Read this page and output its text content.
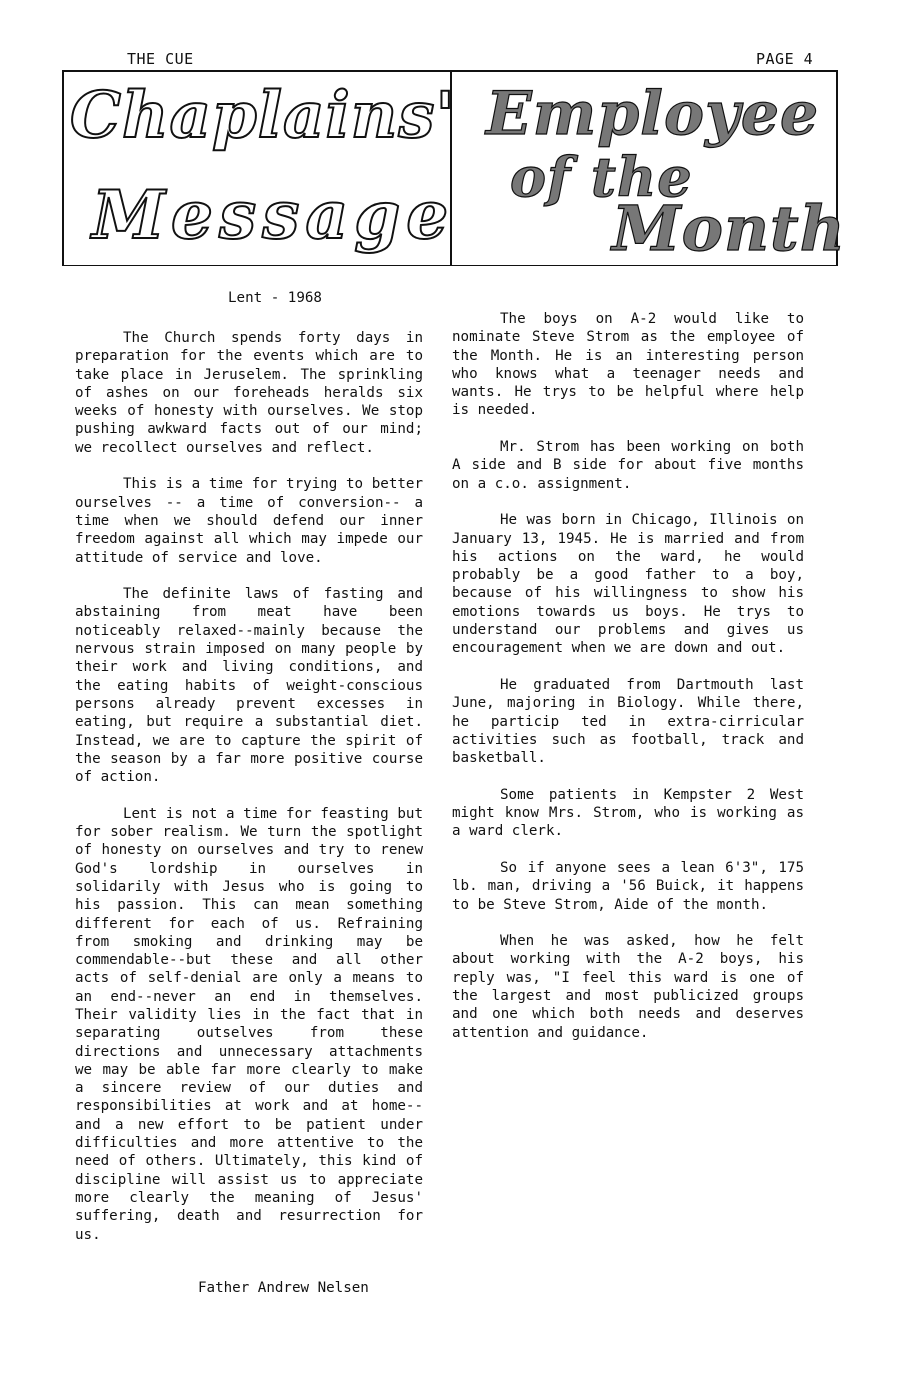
THE CUE	PAGE 4
Chaplains'
Message
Employee
of the
Month
Lent - 1968

The Church spends forty days in preparation for the events which are to take place in Jeruselem. The sprinkling of ashes on our foreheads heralds six weeks of honesty with ourselves. We stop pushing awkward facts out of our mind; we recollect ourselves and reflect.

This is a time for trying to better ourselves -- a time of conversion-- a time when we should defend our inner freedom against all which may impede our attitude of service and love.

The definite laws of fasting and abstaining from meat have been noticeably relaxed--mainly because the nervous strain imposed on many people by their work and living conditions, and the eating habits of weight-conscious persons already prevent excesses in eating, but require a substantial diet. Instead, we are to capture the spirit of the season by a far more positive course of action.

Lent is not a time for feasting but for sober realism. We turn the spotlight of honesty on ourselves and try to renew God's lordship in ourselves in solidarily with Jesus who is going to his passion. This can mean something different for each of us. Refraining from smoking and drinking may be commendable--but these and all other acts of self-denial are only a means to an end--never an end in themselves. Their validity lies in the fact that in separating outselves from these directions and unnecessary attachments we may be able far more clearly to make a sincere review of our duties and responsibilities at work and at home--and a new effort to be patient under difficulties and more attentive to the need of others. Ultimately, this kind of discipline will assist us to appreciate more clearly the meaning of Jesus' suffering, death and resurrection for us.

Father Andrew Nelsen

The boys on A-2 would like to nominate Steve Strom as the employee of the Month. He is an interesting person who knows what a teenager needs and wants. He trys to be helpful where help is needed.

Mr. Strom has been working on both A side and B side for about five months on a c.o. assignment.

He was born in Chicago, Illinois on January 13, 1945. He is married and from his actions on the ward, he would probably be a good father to a boy, because of his willingness to show his emotions towards us boys. He trys to understand our problems and gives us encouragement when we are down and out.

He graduated from Dartmouth last June, majoring in Biology. While there, he particip ted in extra-cirricular activities such as football, track and basketball.

Some patients in Kempster 2 West might know Mrs. Strom, who is working as a ward clerk.

So if anyone sees a lean 6'3", 175 lb. man, driving a '56 Buick, it happens to be Steve Strom, Aide of the month.

When he was asked, how he felt about working with the A-2 boys, his reply was, "I feel this ward is one of the largest and most publicized groups and one which both needs and deserves attention and guidance.
